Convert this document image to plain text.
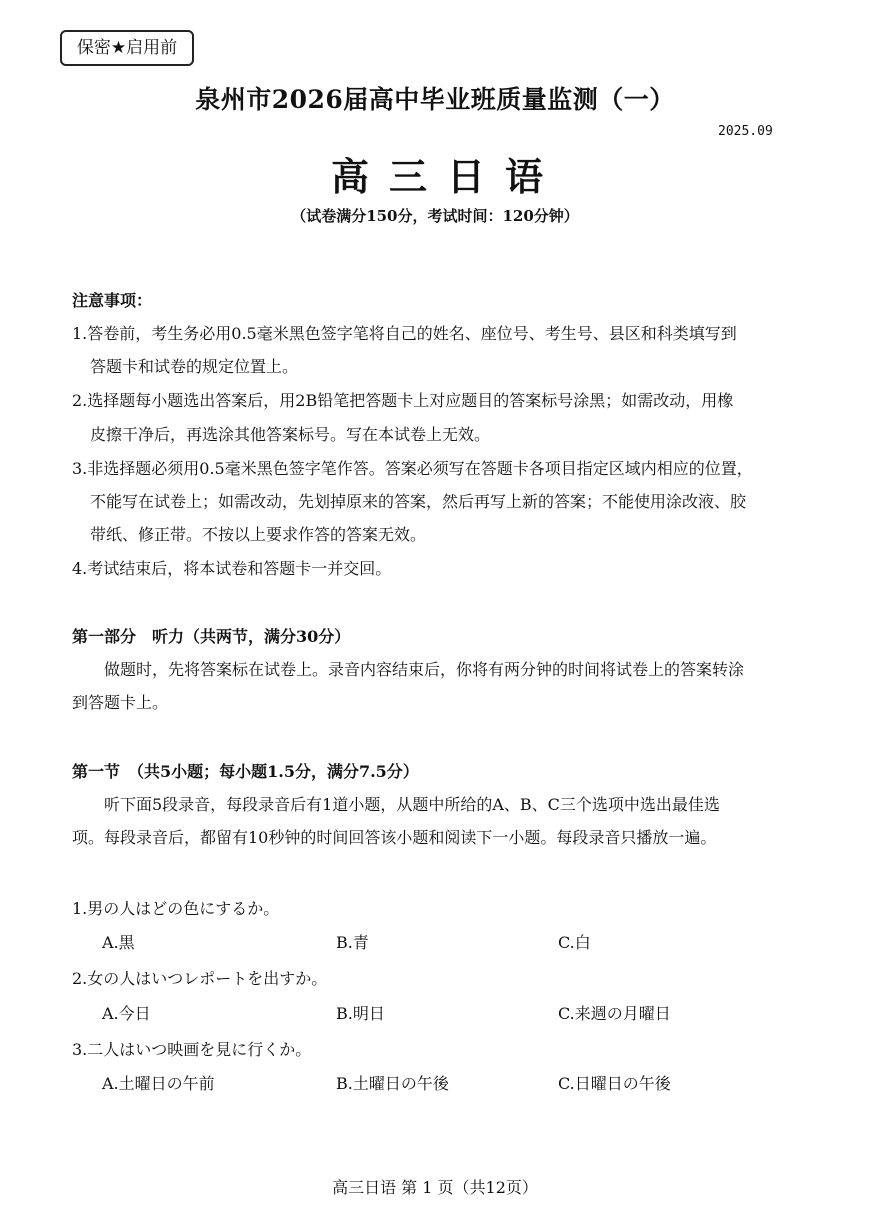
保密★启用前
泉州市2026届高中毕业班质量监测（一）
2025.09
高三日语
（试卷满分150分，考试时间：120分钟）
注意事项：
1.答卷前，考生务必用0.5毫米黑色签字笔将自己的姓名、座位号、考生号、县区和科类填写到
答题卡和试卷的规定位置上。
2.选择题每小题选出答案后，用2B铅笔把答题卡上对应题目的答案标号涂黑；如需改动，用橡
皮擦干净后，再选涂其他答案标号。写在本试卷上无效。
3.非选择题必须用0.5毫米黑色签字笔作答。答案必须写在答题卡各项目指定区域内相应的位置，
不能写在试卷上；如需改动，先划掉原来的答案，然后再写上新的答案；不能使用涂改液、胶
带纸、修正带。不按以上要求作答的答案无效。
4.考试结束后，将本试卷和答题卡一并交回。
第一部分　听力（共两节，满分30分）
做题时，先将答案标在试卷上。录音内容结束后，你将有两分钟的时间将试卷上的答案转涂
到答题卡上。
第一节　（共5小题；每小题1.5分，满分7.5分）
听下面5段录音，每段录音后有1道小题，从题中所给的A、B、C三个选项中选出最佳选
项。每段录音后，都留有10秒钟的时间回答该小题和阅读下一小题。每段录音只播放一遍。
1.男の人はどの色にするか。
A.黒	B.青	C.白
2.女の人はいつレポートを出すか。
A.今日	B.明日	C.来週の月曜日
3.二人はいつ映画を見に行くか。
A.土曜日の午前	B.土曜日の午後	C.日曜日の午後
高三日语 第 1 页（共12页）
